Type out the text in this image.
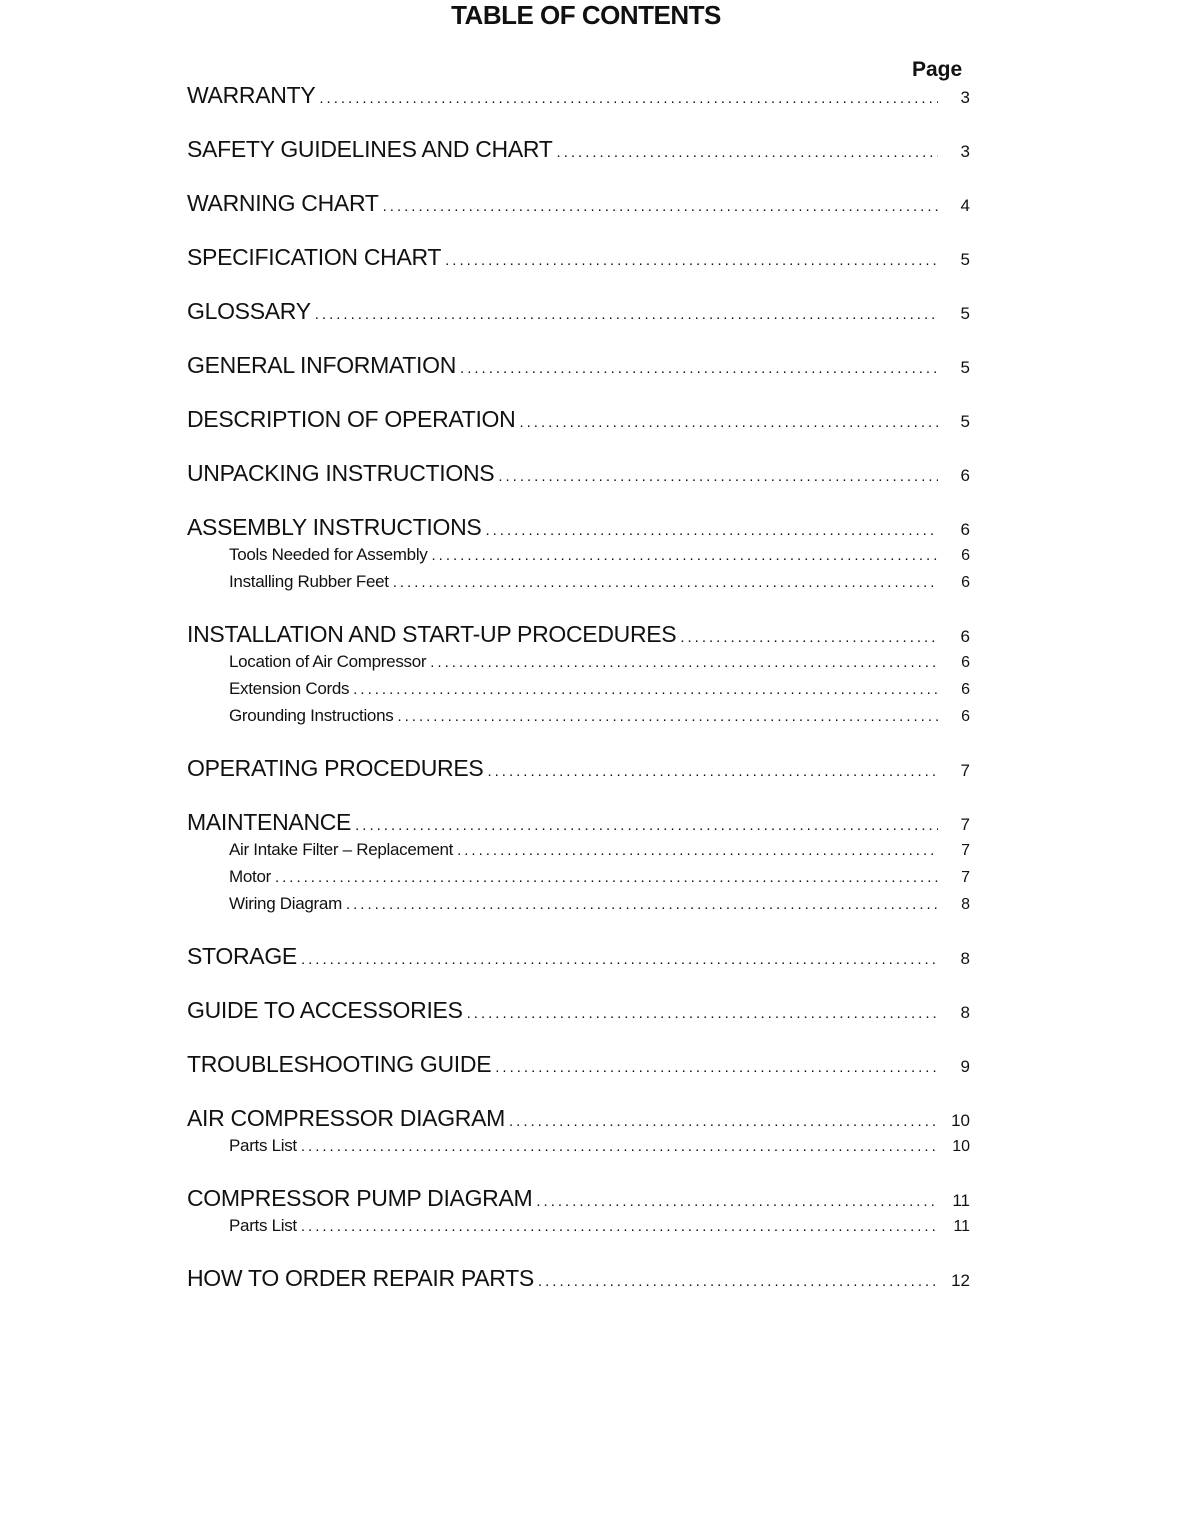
TABLE OF CONTENTS
Page
WARRANTY .....	3
SAFETY GUIDELINES AND CHART .....	3
WARNING CHART .....	4
SPECIFICATION CHART .....	5
GLOSSARY .....	5
GENERAL INFORMATION .....	5
DESCRIPTION OF OPERATION .....	5
UNPACKING INSTRUCTIONS .....	6
ASSEMBLY INSTRUCTIONS .....	6
Tools Needed for Assembly .....	6
Installing Rubber Feet .....	6
INSTALLATION AND START-UP PROCEDURES .....	6
Location of Air Compressor .....	6
Extension Cords .....	6
Grounding Instructions .....	6
OPERATING PROCEDURES .....	7
MAINTENANCE .....	7
Air Intake Filter – Replacement .....	7
Motor .....	7
Wiring Diagram .....	8
STORAGE .....	8
GUIDE TO ACCESSORIES .....	8
TROUBLESHOOTING GUIDE .....	9
AIR COMPRESSOR DIAGRAM .....	10
Parts List .....	10
COMPRESSOR PUMP DIAGRAM .....	11
Parts List .....	11
HOW TO ORDER REPAIR PARTS .....	12
